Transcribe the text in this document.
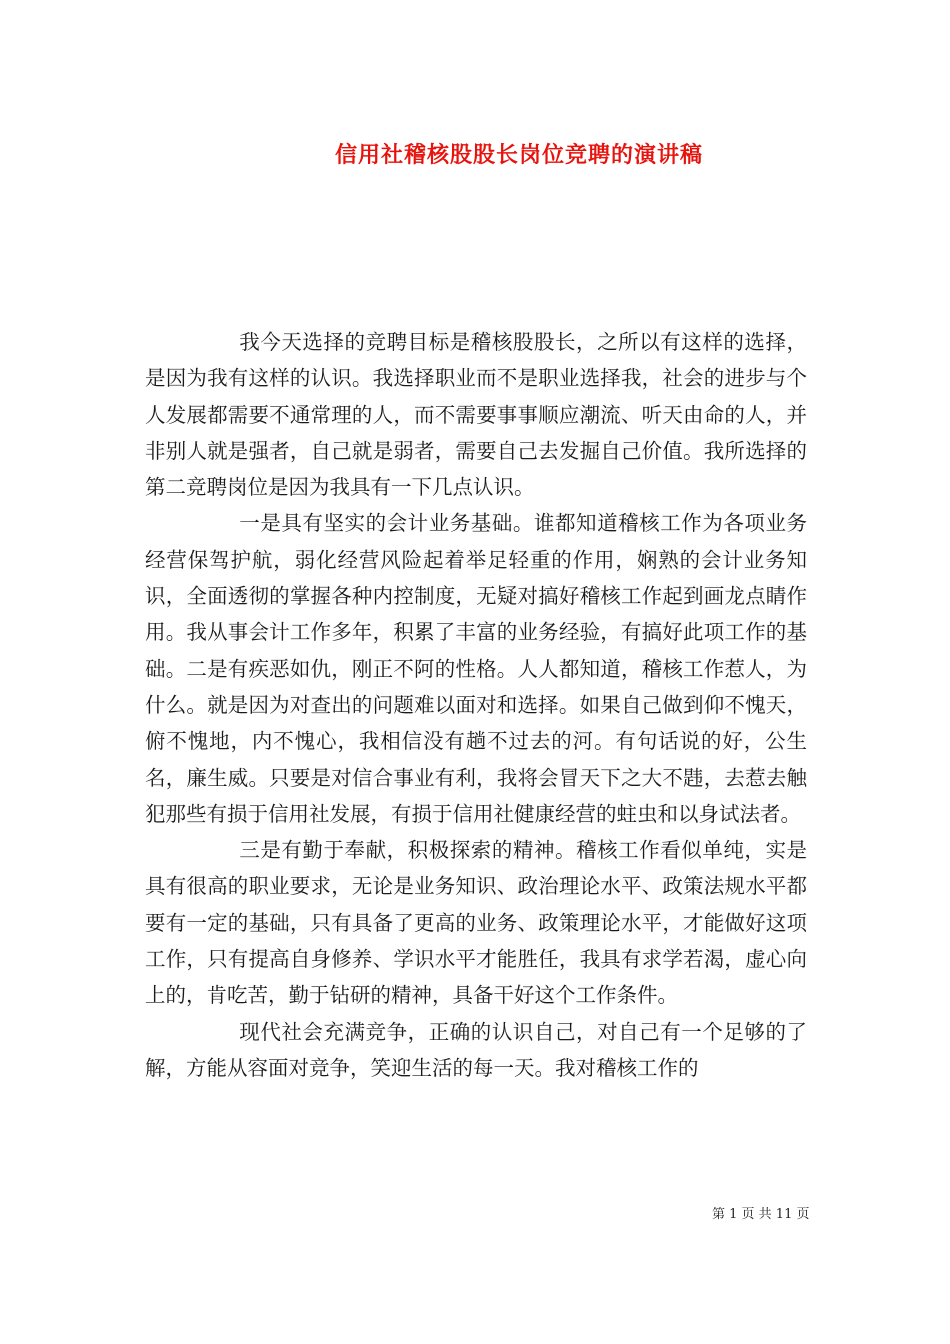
信用社稽核股股长岗位竞聘的演讲稿

我今天选择的竞聘目标是稽核股股长，之所以有这样的选择，是因为我有这样的认识。我选择职业而不是职业选择我，社会的进步与个人发展都需要不通常理的人，而不需要事事顺应潮流、听天由命的人，并非别人就是强者，自己就是弱者，需要自己去发掘自己价值。我所选择的第二竞聘岗位是因为我具有一下几点认识。

一是具有坚实的会计业务基础。谁都知道稽核工作为各项业务经营保驾护航，弱化经营风险起着举足轻重的作用，娴熟的会计业务知识，全面透彻的掌握各种内控制度，无疑对搞好稽核工作起到画龙点睛作用。我从事会计工作多年，积累了丰富的业务经验，有搞好此项工作的基础。二是有疾恶如仇，刚正不阿的性格。人人都知道，稽核工作惹人，为什么。就是因为对查出的问题难以面对和选择。如果自己做到仰不愧天，俯不愧地，内不愧心，我相信没有趟不过去的河。有句话说的好，公生名，廉生威。只要是对信合事业有利，我将会冒天下之大不韪，去惹去触犯那些有损于信用社发展，有损于信用社健康经营的蛀虫和以身试法者。

三是有勤于奉献，积极探索的精神。稽核工作看似单纯，实是具有很高的职业要求，无论是业务知识、政治理论水平、政策法规水平都要有一定的基础，只有具备了更高的业务、政策理论水平，才能做好这项工作，只有提高自身修养、学识水平才能胜任，我具有求学若渴，虚心向上的，肯吃苦，勤于钻研的精神，具备干好这个工作条件。

现代社会充满竞争，正确的认识自己，对自己有一个足够的了解，方能从容面对竞争，笑迎生活的每一天。我对稽核工作的

第 1 页 共 11 页
